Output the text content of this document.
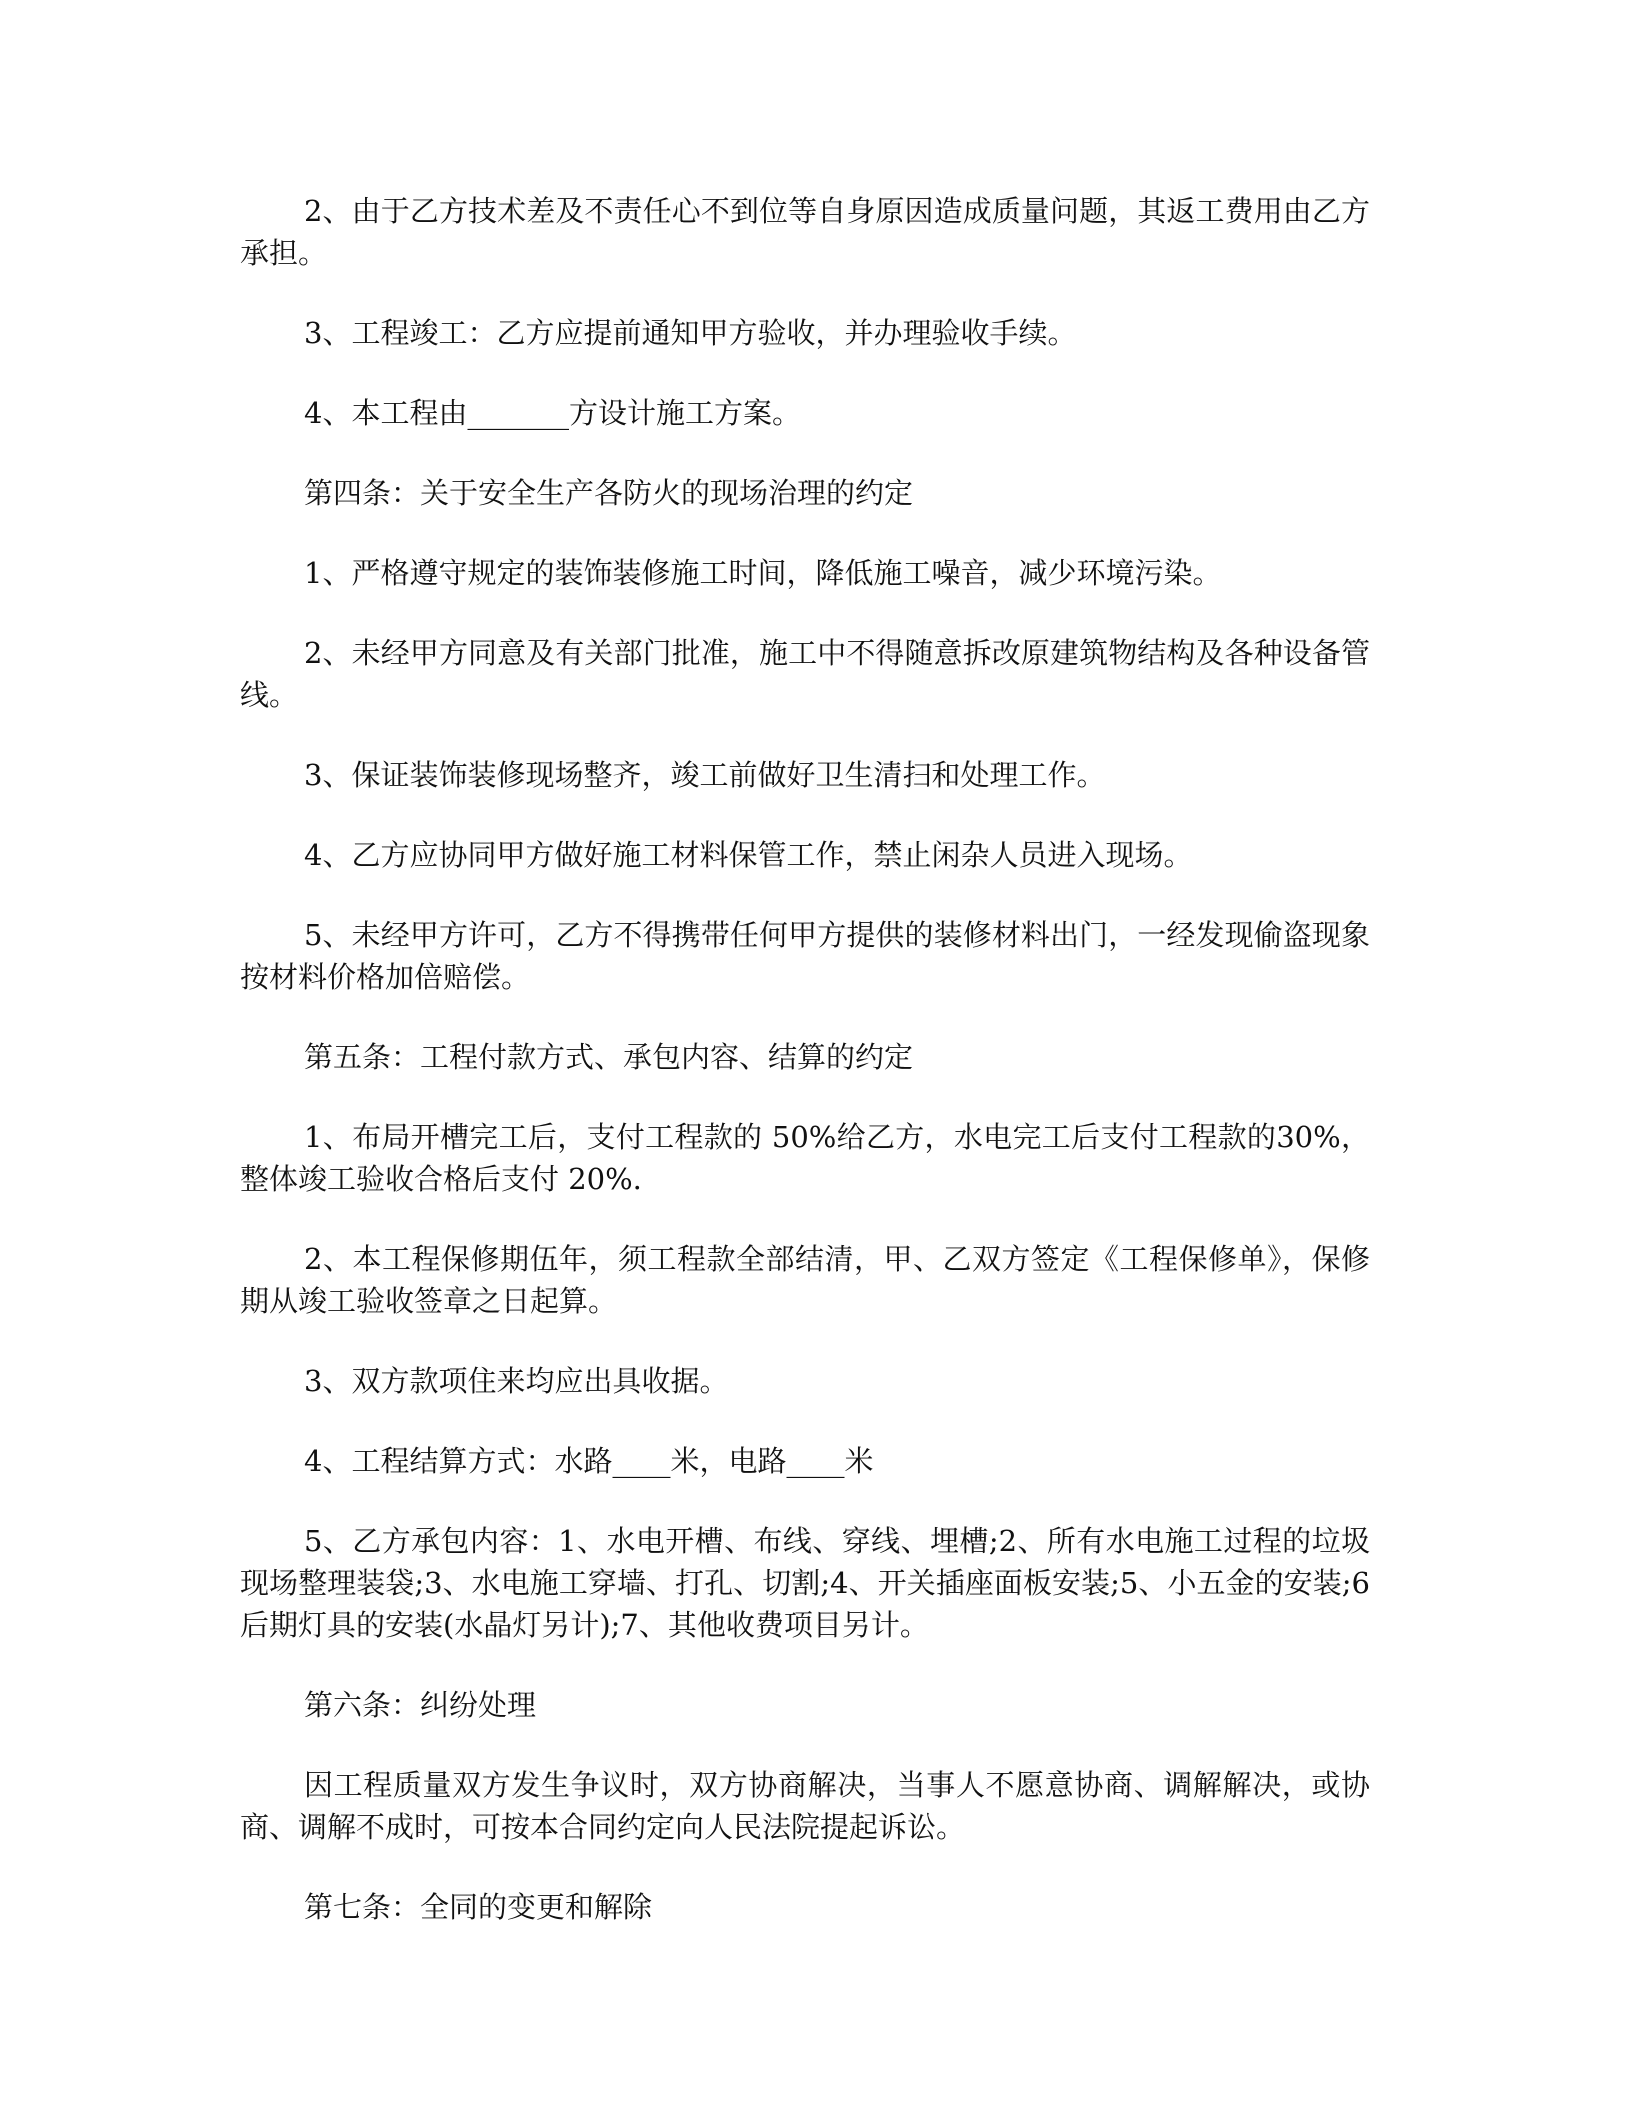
2、由于乙方技术差及不责任心不到位等自身原因造成质量问题，其返工费用由乙方承担。

3、工程竣工：乙方应提前通知甲方验收，并办理验收手续。

4、本工程由_______方设计施工方案。

第四条：关于安全生产各防火的现场治理的约定

1、严格遵守规定的装饰装修施工时间，降低施工噪音，减少环境污染。

2、未经甲方同意及有关部门批准，施工中不得随意拆改原建筑物结构及各种设备管线。

3、保证装饰装修现场整齐，竣工前做好卫生清扫和处理工作。

4、乙方应协同甲方做好施工材料保管工作，禁止闲杂人员进入现场。

5、未经甲方许可，乙方不得携带任何甲方提供的装修材料出门，一经发现偷盗现象按材料价格加倍赔偿。

第五条：工程付款方式、承包内容、结算的约定

1、布局开槽完工后，支付工程款的 50%给乙方，水电完工后支付工程款的30%，整体竣工验收合格后支付 20%.

2、本工程保修期伍年，须工程款全部结清，甲、乙双方签定《工程保修单》，保修期从竣工验收签章之日起算。

3、双方款项住来均应出具收据。

4、工程结算方式：水路____米，电路____米

5、乙方承包内容：1、水电开槽、布线、穿线、埋槽;2、所有水电施工过程的垃圾现场整理装袋;3、水电施工穿墙、打孔、切割;4、开关插座面板安装;5、小五金的安装;6 后期灯具的安装(水晶灯另计);7、其他收费项目另计。

第六条：纠纷处理

因工程质量双方发生争议时，双方协商解决，当事人不愿意协商、调解解决，或协商、调解不成时，可按本合同约定向人民法院提起诉讼。

第七条：全同的变更和解除
